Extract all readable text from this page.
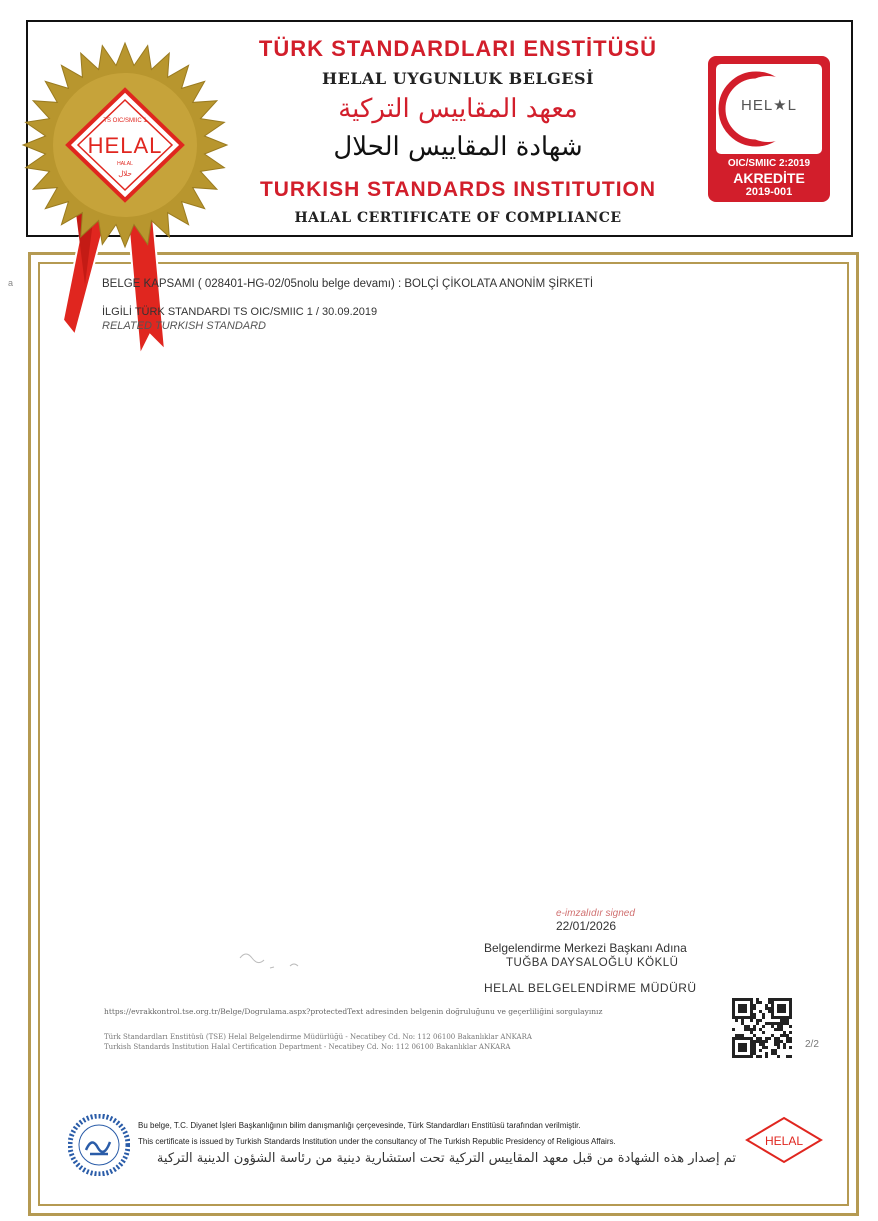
TÜRK STANDARDLARI ENSTİTÜSÜ
HELAL UYGUNLUK BELGESİ
معهد المقاييس التركية
شهادة المقاييس الحلال
TURKISH STANDARDS INSTITUTION
HALAL CERTIFICATE OF COMPLIANCE
HEL★L
OIC/SMIIC 2:2019
AKREDİTE
2019-001
TS OIC/SMIIC 1
HELAL
HALAL
حلال
a	BELGE KAPSAMI ( 028401-HG-02/05nolu belge devamı) : BOLÇİ ÇİKOLATA ANONİM ŞİRKETİ
İLGİLİ TÜRK STANDARDI TS OIC/SMIIC 1 / 30.09.2019
RELATED TURKISH STANDARD
e-imzalıdır signed
22/01/2026
Belgelendirme Merkezi Başkanı Adına
TUĞBA DAYSALOĞLU KÖKLÜ
HELAL BELGELENDİRME MÜDÜRÜ
https://evrakkontrol.tse.org.tr/Belge/Dogrulama.aspx?protectedText adresinden belgenin doğruluğunu ve geçerliliğini sorgulayınız
Türk Standardları Enstitüsü (TSE) Helal Belgelendirme Müdürlüğü - Necatibey Cd. No: 112 06100 Bakanlıklar ANKARA
Turkish Standards Institution Halal Certification Department - Necatibey Cd. No: 112 06100 Bakanlıklar ANKARA	2/2
Bu belge, T.C. Diyanet İşleri Başkanlığının bilim danışmanlığı çerçevesinde, Türk Standardları Enstitüsü tarafından verilmiştir.
This certificate is issued by Turkish Standards Institution under the consultancy of The Turkish Republic Presidency of Religious Affairs.
تم إصدار هذه الشهادة من قبل معهد المقاييس التركية تحت استشارية دينية من رئاسة الشؤون الدينية التركية
HELAL
